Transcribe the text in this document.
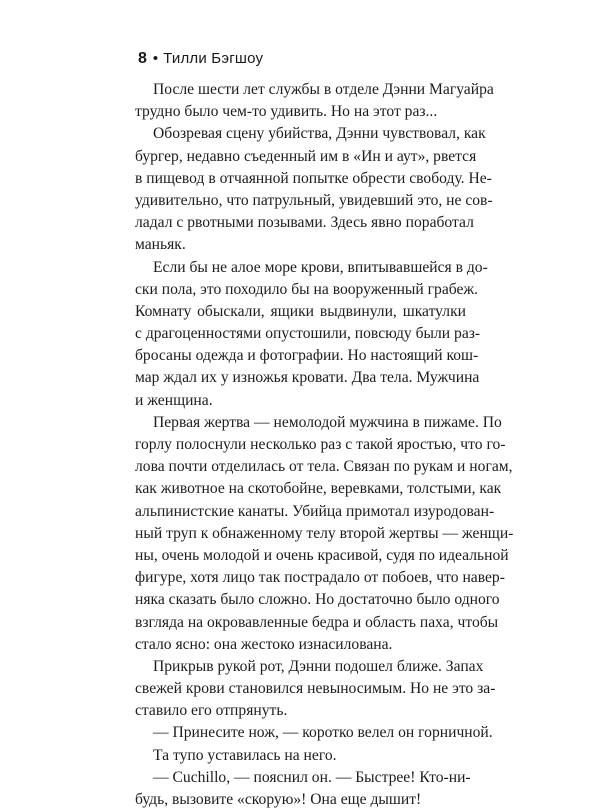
8 • Тилли Бэгшоу
После шести лет службы в отделе Дэнни Магуайра
трудно было чем-то удивить. Но на этот раз...
Обозревая сцену убийства, Дэнни чувствовал, как
бургер, недавно съеденный им в «Ин и аут», рвется
в пищевод в отчаянной попытке обрести свободу. Не-
удивительно, что патрульный, увидевший это, не сов-
ладал с рвотными позывами. Здесь явно поработал
маньяк.
Если бы не алое море крови, впитывавшейся в до-
ски пола, это походило бы на вооруженный грабеж.
Комнату обыскали, ящики выдвинули, шкатулки
с драгоценностями опустошили, повсюду были раз-
бросаны одежда и фотографии. Но настоящий кош-
мар ждал их у изножья кровати. Два тела. Мужчина
и женщина.
Первая жертва — немолодой мужчина в пижаме. По
горлу полоснули несколько раз с такой яростью, что го-
лова почти отделилась от тела. Связан по рукам и ногам,
как животное на скотобойне, веревками, толстыми, как
альпинистские канаты. Убийца примотал изуродован-
ный труп к обнаженному телу второй жертвы — женщи-
ны, очень молодой и очень красивой, судя по идеальной
фигуре, хотя лицо так пострадало от побоев, что навер-
няка сказать было сложно. Но достаточно было одного
взгляда на окровавленные бедра и область паха, чтобы
стало ясно: она жестоко изнасилована.
Прикрыв рукой рот, Дэнни подошел ближе. Запах
свежей крови становился невыносимым. Но не это за-
ставило его отпрянуть.
— Принесите нож, — коротко велел он горничной.
Та тупо уставилась на него.
— Cuchillo, — пояснил он. — Быстрее! Кто-ни-
будь, вызовите «скорую»! Она еще дышит!
